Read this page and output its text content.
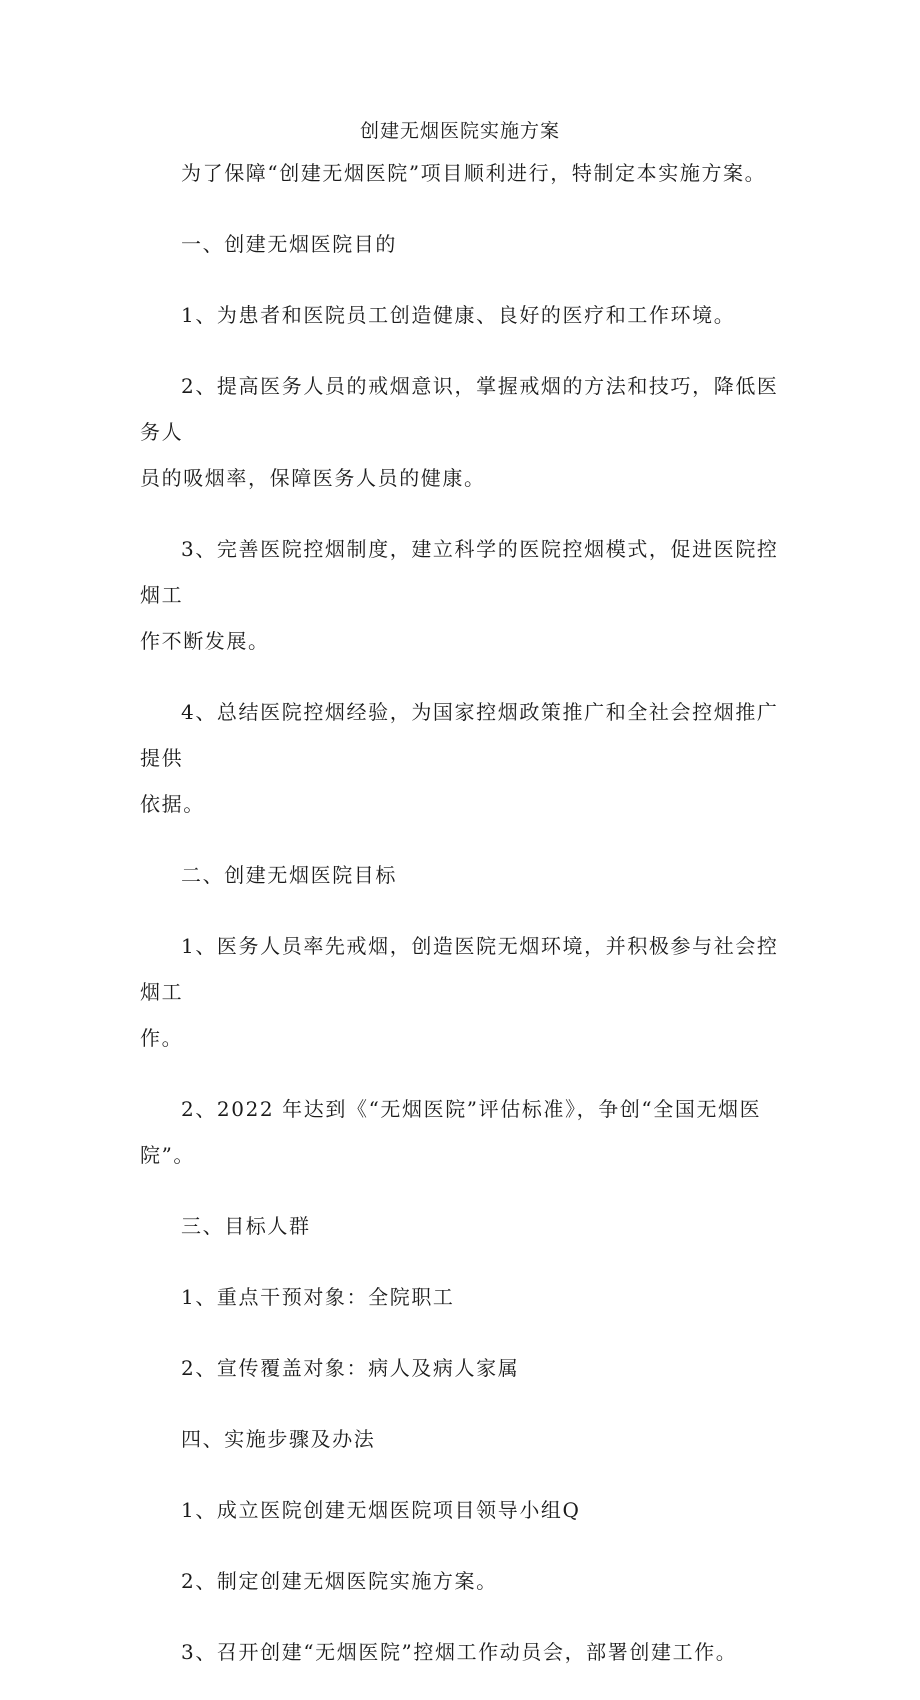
创建无烟医院实施方案

为了保障“创建无烟医院”项目顺利进行，特制定本实施方案。

一、创建无烟医院目的

1、为患者和医院员工创造健康、良好的医疗和工作环境。

2、提高医务人员的戒烟意识，掌握戒烟的方法和技巧，降低医务人
员的吸烟率，保障医务人员的健康。

3、完善医院控烟制度，建立科学的医院控烟模式，促进医院控烟工
作不断发展。

4、总结医院控烟经验，为国家控烟政策推广和全社会控烟推广提供
依据。

二、创建无烟医院目标

1、医务人员率先戒烟，创造医院无烟环境，并积极参与社会控烟工
作。

2、2022 年达到《“无烟医院”评估标准》，争创“全国无烟医
院”。

三、目标人群

1、重点干预对象：全院职工

2、宣传覆盖对象：病人及病人家属

四、实施步骤及办法

1、成立医院创建无烟医院项目领导小组Q

2、制定创建无烟医院实施方案。

3、召开创建“无烟医院”控烟工作动员会，部署创建工作。
